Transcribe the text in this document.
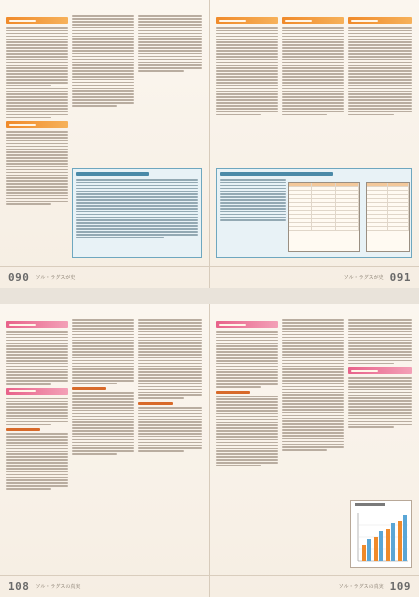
090 ソル・ラグスが史	ソル・ラグスが史 091
108 ソル・ラグスの真実	ソル・ラグスの真実 109
